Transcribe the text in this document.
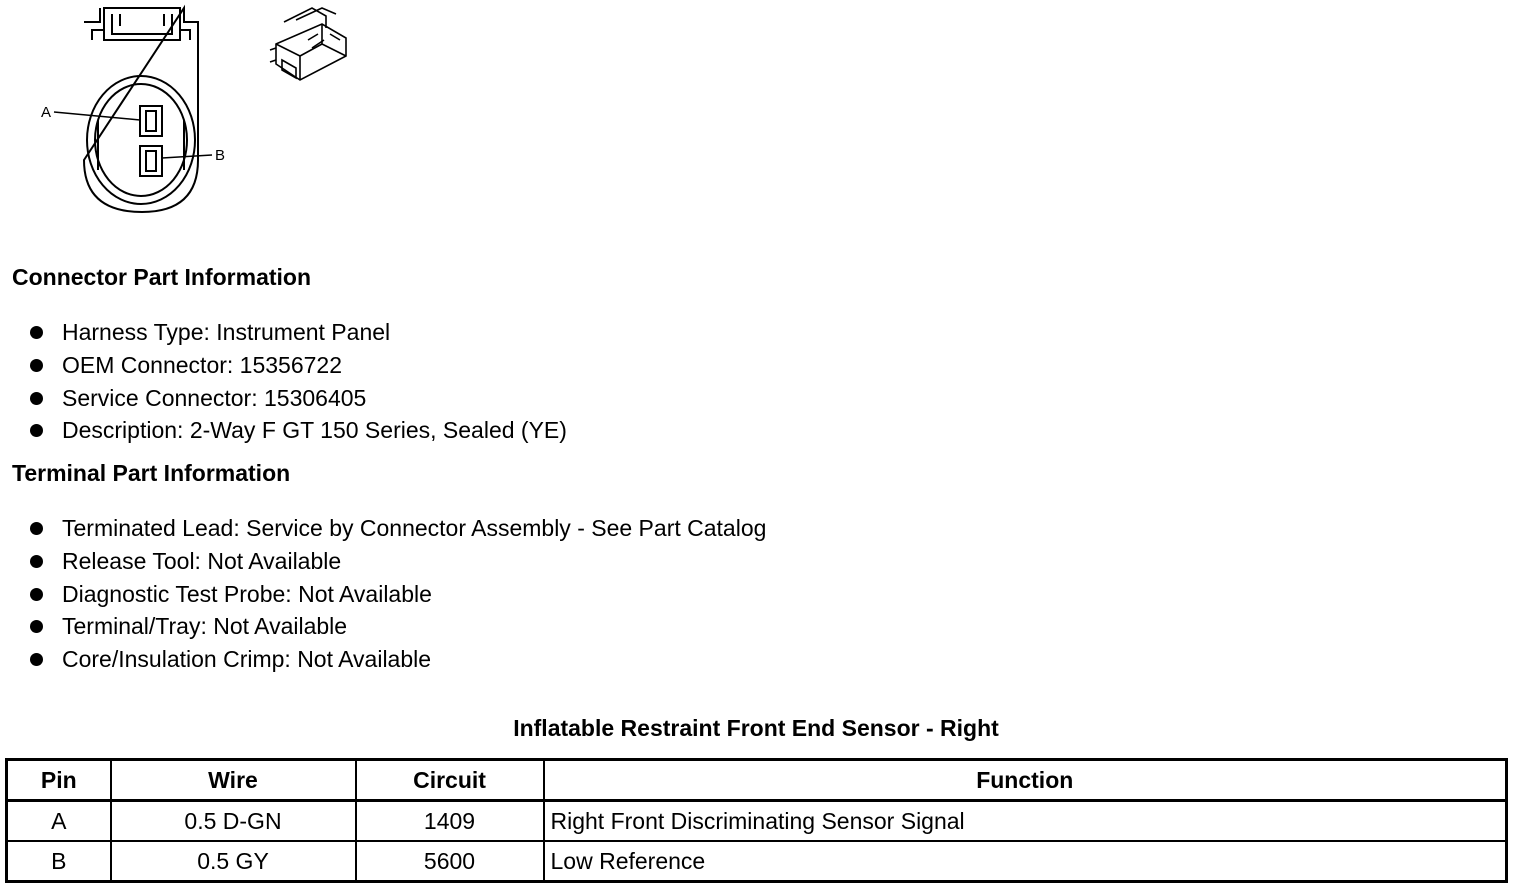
A
B
Connector Part Information
Harness Type: Instrument Panel
OEM Connector: 15356722
Service Connector: 15306405
Description: 2-Way F GT 150 Series, Sealed (YE)
Terminal Part Information
Terminated Lead: Service by Connector Assembly - See Part Catalog
Release Tool: Not Available
Diagnostic Test Probe: Not Available
Terminal/Tray: Not Available
Core/Insulation Crimp: Not Available
Inflatable Restraint Front End Sensor - Right
Pin	Wire	Circuit	Function
A	0.5 D-GN	1409	Right Front Discriminating Sensor Signal
B	0.5 GY	5600	Low Reference
